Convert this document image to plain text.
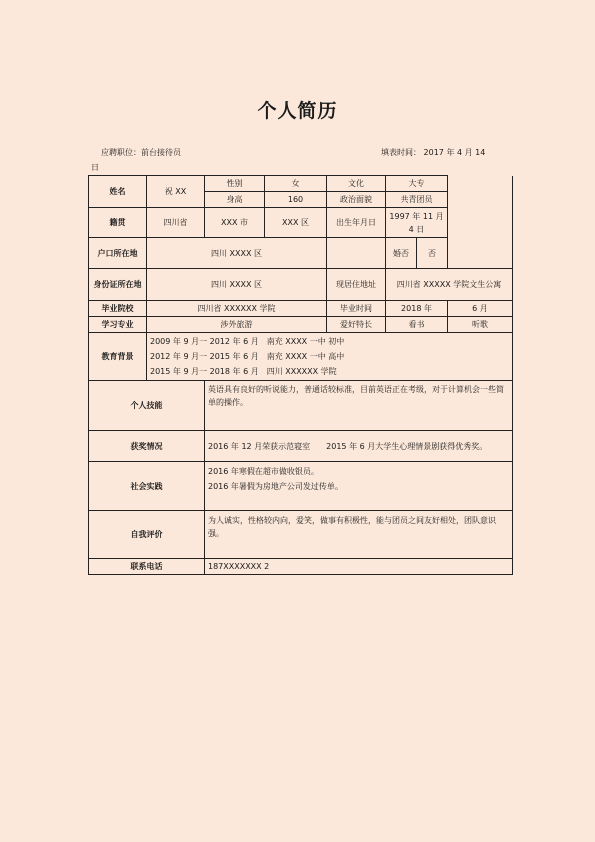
个人简历
应聘职位：前台接待员	填表时间： 2017 年 4 月 14
日
姓名	祝 XX	性别	女	文化	大专		
		身高	160	政治面貌	共青团员		
籍贯	四川省	XXX 市	XXX 区	出生年月日	1997 年 11 月 4 日		
户口所在地	四川 XXXX 区				婚否	否	
身份证所在地	四川 XXXX 区			现居住地址	四川省 XXXXX 学院文生公寓		
毕业院校	四川省 XXXXXX 学院			毕业时间	2018 年		6 月
学习专业	涉外旅游			爱好特长	看书		听歌
教育背景	2009 年 9 月一 2012 年 6 月　南充 XXXX 一中 初中
2012 年 9 月一 2015 年 6 月　南充 XXXX 一中 高中
2015 年 9 月一 2018 年 6 月　四川 XXXXXX 学院						

个人技能		英语具有良好的听说能力，普通话较标准，目前英语正在考级，对于计算机会一些简单的操作。					
获奖情况		2016 年 12 月荣获示范寝室　　2015 年 6 月大学生心理情景剧获得优秀奖。					
社会实践		2016 年寒假在超市做收银员。
2016 年暑假为房地产公司发过传单。					

自我评价		为人诚实，性格较内向，爱笑，做事有积极性，能与团员之间友好相处，团队意识强。					
联系电话		187XXXXXXX 2					
